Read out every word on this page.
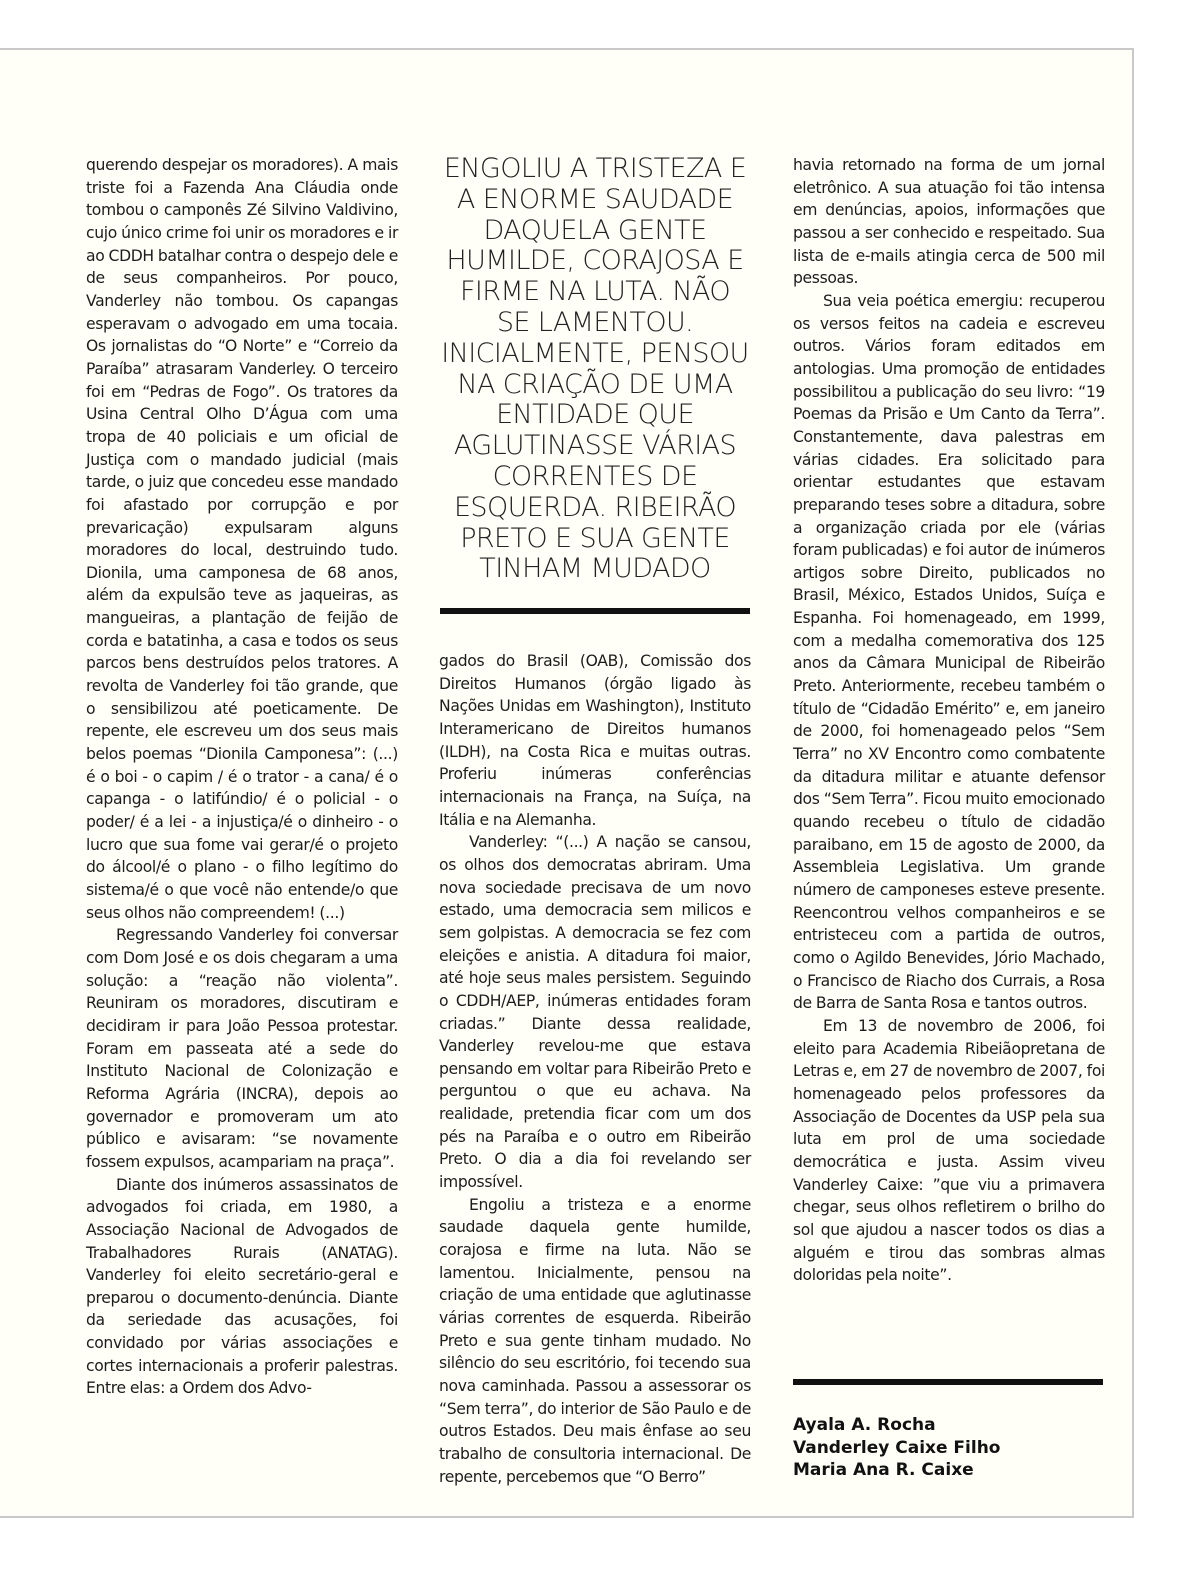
querendo despejar os moradores). A mais triste foi a Fazenda Ana Cláudia onde tombou o camponês Zé Silvino Valdivino, cujo único crime foi unir os moradores e ir ao CDDH batalhar contra o despejo dele e de seus companheiros. Por pouco, Vanderley não tombou. Os capangas esperavam o advogado em uma tocaia. Os jornalistas do “O Norte” e “Correio da Paraíba” atrasaram Vanderley. O terceiro foi em “Pedras de Fogo”. Os tratores da Usina Central Olho D’Água com uma tropa de 40 policiais e um oficial de Justiça com o mandado judicial (mais tarde, o juiz que concedeu esse mandado foi afastado por corrupção e por prevaricação) expulsaram alguns moradores do local, destruindo tudo. Dionila, uma camponesa de 68 anos, além da expulsão teve as jaqueiras, as mangueiras, a plantação de feijão de corda e batatinha, a casa e todos os seus parcos bens destruídos pelos tratores. A revolta de Vanderley foi tão grande, que o sensibilizou até poeticamente. De repente, ele escreveu um dos seus mais belos poemas “Dionila Camponesa”: (...) é o boi - o capim / é o trator - a cana/ é o capanga - o latifúndio/ é o policial - o poder/ é a lei - a injustiça/é o dinheiro - o lucro que sua fome vai gerar/é o projeto do álcool/é o plano - o filho legítimo do sistema/é o que você não entende/o que seus olhos não compreendem! (...)

Regressando Vanderley foi conversar com Dom José e os dois chegaram a uma solução: a “reação não violenta”. Reuniram os moradores, discutiram e decidiram ir para João Pessoa protestar. Foram em passeata até a sede do Instituto Nacional de Colonização e Reforma Agrária (INCRA), depois ao governador e promoveram um ato público e avisaram: “se novamente fossem expulsos, acampariam na praça”.

Diante dos inúmeros assassinatos de advogados foi criada, em 1980, a Associação Nacional de Advogados de Trabalhadores Rurais (ANATAG). Vanderley foi eleito secretário-geral e preparou o documento-denúncia. Diante da seriedade das acusações, foi convidado por várias associações e cortes internacionais a proferir palestras. Entre elas: a Ordem dos Advo-

ENGOLIU A TRISTEZA E A ENORME SAUDADE DAQUELA GENTE HUMILDE, CORAJOSA E FIRME NA LUTA. NÃO SE LAMENTOU. INICIALMENTE, PENSOU NA CRIAÇÃO DE UMA ENTIDADE QUE AGLUTINASSE VÁRIAS CORRENTES DE ESQUERDA. RIBEIRÃO PRETO E SUA GENTE TINHAM MUDADO

gados do Brasil (OAB), Comissão dos Direitos Humanos (órgão ligado às Nações Unidas em Washington), Instituto Interamericano de Direitos humanos (ILDH), na Costa Rica e muitas outras. Proferiu inúmeras conferências internacionais na França, na Suíça, na Itália e na Alemanha.

Vanderley: “(...) A nação se cansou, os olhos dos democratas abriram. Uma nova sociedade precisava de um novo estado, uma democracia sem milicos e sem golpistas. A democracia se fez com eleições e anistia. A ditadura foi maior, até hoje seus males persistem. Seguindo o CDDH/AEP, inúmeras entidades foram criadas.” Diante dessa realidade, Vanderley revelou-me que estava pensando em voltar para Ribeirão Preto e perguntou o que eu achava. Na realidade, pretendia ficar com um dos pés na Paraíba e o outro em Ribeirão Preto. O dia a dia foi revelando ser impossível.

Engoliu a tristeza e a enorme saudade daquela gente humilde, corajosa e firme na luta. Não se lamentou. Inicialmente, pensou na criação de uma entidade que aglutinasse várias correntes de esquerda. Ribeirão Preto e sua gente tinham mudado. No silêncio do seu escritório, foi tecendo sua nova caminhada. Passou a assessorar os “Sem terra”, do interior de São Paulo e de outros Estados. Deu mais ênfase ao seu trabalho de consultoria internacional. De repente, percebemos que “O Berro”

havia retornado na forma de um jornal eletrônico. A sua atuação foi tão intensa em denúncias, apoios, informações que passou a ser conhecido e respeitado. Sua lista de e-mails atingia cerca de 500 mil pessoas.

Sua veia poética emergiu: recuperou os versos feitos na cadeia e escreveu outros. Vários foram editados em antologias. Uma promoção de entidades possibilitou a publicação do seu livro: “19 Poemas da Prisão e Um Canto da Terra”. Constantemente, dava palestras em várias cidades. Era solicitado para orientar estudantes que estavam preparando teses sobre a ditadura, sobre a organização criada por ele (várias foram publicadas) e foi autor de inúmeros artigos sobre Direito, publicados no Brasil, México, Estados Unidos, Suíça e Espanha. Foi homenageado, em 1999, com a medalha comemorativa dos 125 anos da Câmara Municipal de Ribeirão Preto. Anteriormente, recebeu também o título de “Cidadão Emérito” e, em janeiro de 2000, foi homenageado pelos “Sem Terra” no XV Encontro como combatente da ditadura militar e atuante defensor dos “Sem Terra”. Ficou muito emocionado quando recebeu o título de cidadão paraibano, em 15 de agosto de 2000, da Assembleia Legislativa. Um grande número de camponeses esteve presente. Reencontrou velhos companheiros e se entristeceu com a partida de outros, como o Agildo Benevides, Jório Machado, o Francisco de Riacho dos Currais, a Rosa de Barra de Santa Rosa e tantos outros.

Em 13 de novembro de 2006, foi eleito para Academia Ribeiãopretana de Letras e, em 27 de novembro de 2007, foi homenageado pelos professores da Associação de Docentes da USP pela sua luta em prol de uma sociedade democrática e justa. Assim viveu Vanderley Caixe: ”que viu a primavera chegar, seus olhos refletirem o brilho do sol que ajudou a nascer todos os dias a alguém e tirou das sombras almas doloridas pela noite”.

Ayala A. Rocha
Vanderley Caixe Filho
Maria Ana R. Caixe
